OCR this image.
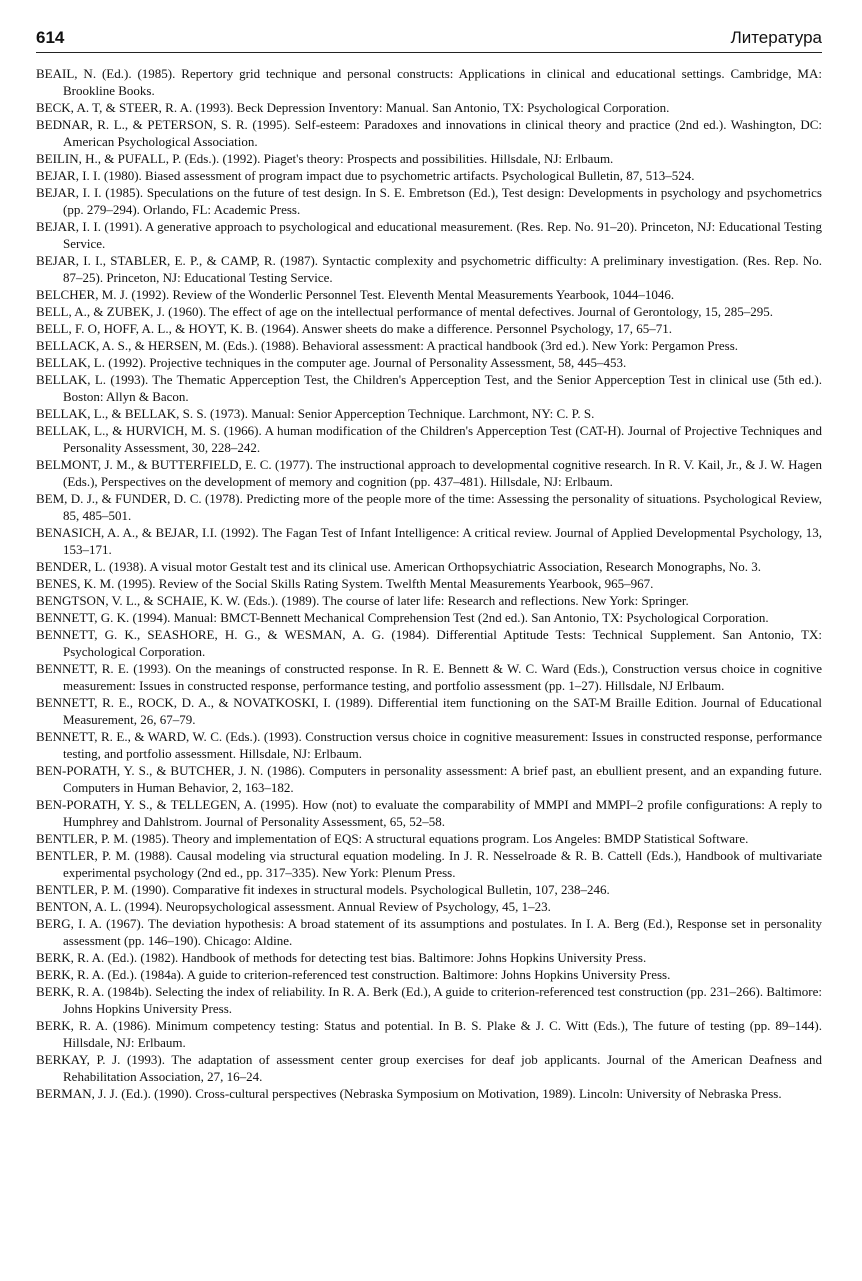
614	Литература
BEAIL, N. (Ed.). (1985). Repertory grid technique and personal constructs: Applications in clinical and educational settings. Cambridge, MA: Brookline Books.
BECK, A. T, & STEER, R. A. (1993). Beck Depression Inventory: Manual. San Antonio, TX: Psychological Corporation.
BEDNAR, R. L., & PETERSON, S. R. (1995). Self-esteem: Paradoxes and innovations in clinical theory and practice (2nd ed.). Washington, DC: American Psychological Association.
BEILIN, H., & PUFALL, P. (Eds.). (1992). Piaget's theory: Prospects and possibilities. Hillsdale, NJ: Erlbaum.
BEJAR, I. I. (1980). Biased assessment of program impact due to psychometric artifacts. Psychological Bulletin, 87, 513–524.
BEJAR, I. I. (1985). Speculations on the future of test design. In S. E. Embretson (Ed.), Test design: Developments in psychology and psychometrics (pp. 279–294). Orlando, FL: Academic Press.
BEJAR, I. I. (1991). A generative approach to psychological and educational measurement. (Res. Rep. No. 91–20). Princeton, NJ: Educational Testing Service.
BEJAR, I. I., STABLER, E. P., & CAMP, R. (1987). Syntactic complexity and psychometric difficulty: A preliminary investigation. (Res. Rep. No. 87–25). Princeton, NJ: Educational Testing Service.
BELCHER, M. J. (1992). Review of the Wonderlic Personnel Test. Eleventh Mental Measurements Yearbook, 1044–1046.
BELL, A., & ZUBEK, J. (1960). The effect of age on the intellectual performance of mental defectives. Journal of Gerontology, 15, 285–295.
BELL, F. O, HOFF, A. L., & HOYT, K. B. (1964). Answer sheets do make a difference. Personnel Psychology, 17, 65–71.
BELLACK, A. S., & HERSEN, M. (Eds.). (1988). Behavioral assessment: A practical handbook (3rd ed.). New York: Pergamon Press.
BELLAK, L. (1992). Projective techniques in the computer age. Journal of Personality Assessment, 58, 445–453.
BELLAK, L. (1993). The Thematic Apperception Test, the Children's Apperception Test, and the Senior Apperception Test in clinical use (5th ed.). Boston: Allyn & Bacon.
BELLAK, L., & BELLAK, S. S. (1973). Manual: Senior Apperception Technique. Larchmont, NY: C. P. S.
BELLAK, L., & HURVICH, M. S. (1966). A human modification of the Children's Apperception Test (CAT-H). Journal of Projective Techniques and Personality Assessment, 30, 228–242.
BELMONT, J. M., & BUTTERFIELD, E. C. (1977). The instructional approach to developmental cognitive research. In R. V. Kail, Jr., & J. W. Hagen (Eds.), Perspectives on the development of memory and cognition (pp. 437–481). Hillsdale, NJ: Erlbaum.
BEM, D. J., & FUNDER, D. C. (1978). Predicting more of the people more of the time: Assessing the personality of situations. Psychological Review, 85, 485–501.
BENASICH, A. A., & BEJAR, I.I. (1992). The Fagan Test of Infant Intelligence: A critical review. Journal of Applied Developmental Psychology, 13, 153–171.
BENDER, L. (1938). A visual motor Gestalt test and its clinical use. American Orthopsychiatric Association, Research Monographs, No. 3.
BENES, K. M. (1995). Review of the Social Skills Rating System. Twelfth Mental Measurements Yearbook, 965–967.
BENGTSON, V. L., & SCHAIE, K. W. (Eds.). (1989). The course of later life: Research and reflections. New York: Springer.
BENNETT, G. K. (1994). Manual: BMCT-Bennett Mechanical Comprehension Test (2nd ed.). San Antonio, TX: Psychological Corporation.
BENNETT, G. K., SEASHORE, H. G., & WESMAN, A. G. (1984). Differential Aptitude Tests: Technical Supplement. San Antonio, TX: Psychological Corporation.
BENNETT, R. E. (1993). On the meanings of constructed response. In R. E. Bennett & W. C. Ward (Eds.), Construction versus choice in cognitive measurement: Issues in constructed response, performance testing, and portfolio assessment (pp. 1–27). Hillsdale, NJ Erlbaum.
BENNETT, R. E., ROCK, D. A., & NOVATKOSKI, I. (1989). Differential item functioning on the SAT-M Braille Edition. Journal of Educational Measurement, 26, 67–79.
BENNETT, R. E., & WARD, W. C. (Eds.). (1993). Construction versus choice in cognitive measurement: Issues in constructed response, performance testing, and portfolio assessment. Hillsdale, NJ: Erlbaum.
BEN-PORATH, Y. S., & BUTCHER, J. N. (1986). Computers in personality assessment: A brief past, an ebullient present, and an expanding future. Computers in Human Behavior, 2, 163–182.
BEN-PORATH, Y. S., & TELLEGEN, A. (1995). How (not) to evaluate the comparability of MMPI and MMPI–2 profile configurations: A reply to Humphrey and Dahlstrom. Journal of Personality Assessment, 65, 52–58.
BENTLER, P. M. (1985). Theory and implementation of EQS: A structural equations program. Los Angeles: BMDP Statistical Software.
BENTLER, P. M. (1988). Causal modeling via structural equation modeling. In J. R. Nesselroade & R. B. Cattell (Eds.), Handbook of multivariate experimental psychology (2nd ed., pp. 317–335). New York: Plenum Press.
BENTLER, P. M. (1990). Comparative fit indexes in structural models. Psychological Bulletin, 107, 238–246.
BENTON, A. L. (1994). Neuropsychological assessment. Annual Review of Psychology, 45, 1–23.
BERG, I. A. (1967). The deviation hypothesis: A broad statement of its assumptions and postulates. In I. A. Berg (Ed.), Response set in personality assessment (pp. 146–190). Chicago: Aldine.
BERK, R. A. (Ed.). (1982). Handbook of methods for detecting test bias. Baltimore: Johns Hopkins University Press.
BERK, R. A. (Ed.). (1984a). A guide to criterion-referenced test construction. Baltimore: Johns Hopkins University Press.
BERK, R. A. (1984b). Selecting the index of reliability. In R. A. Berk (Ed.), A guide to criterion-referenced test construction (pp. 231–266). Baltimore: Johns Hopkins University Press.
BERK, R. A. (1986). Minimum competency testing: Status and potential. In B. S. Plake & J. C. Witt (Eds.), The future of testing (pp. 89–144). Hillsdale, NJ: Erlbaum.
BERKAY, P. J. (1993). The adaptation of assessment center group exercises for deaf job applicants. Journal of the American Deafness and Rehabilitation Association, 27, 16–24.
BERMAN, J. J. (Ed.). (1990). Cross-cultural perspectives (Nebraska Symposium on Motivation, 1989). Lincoln: University of Nebraska Press.
